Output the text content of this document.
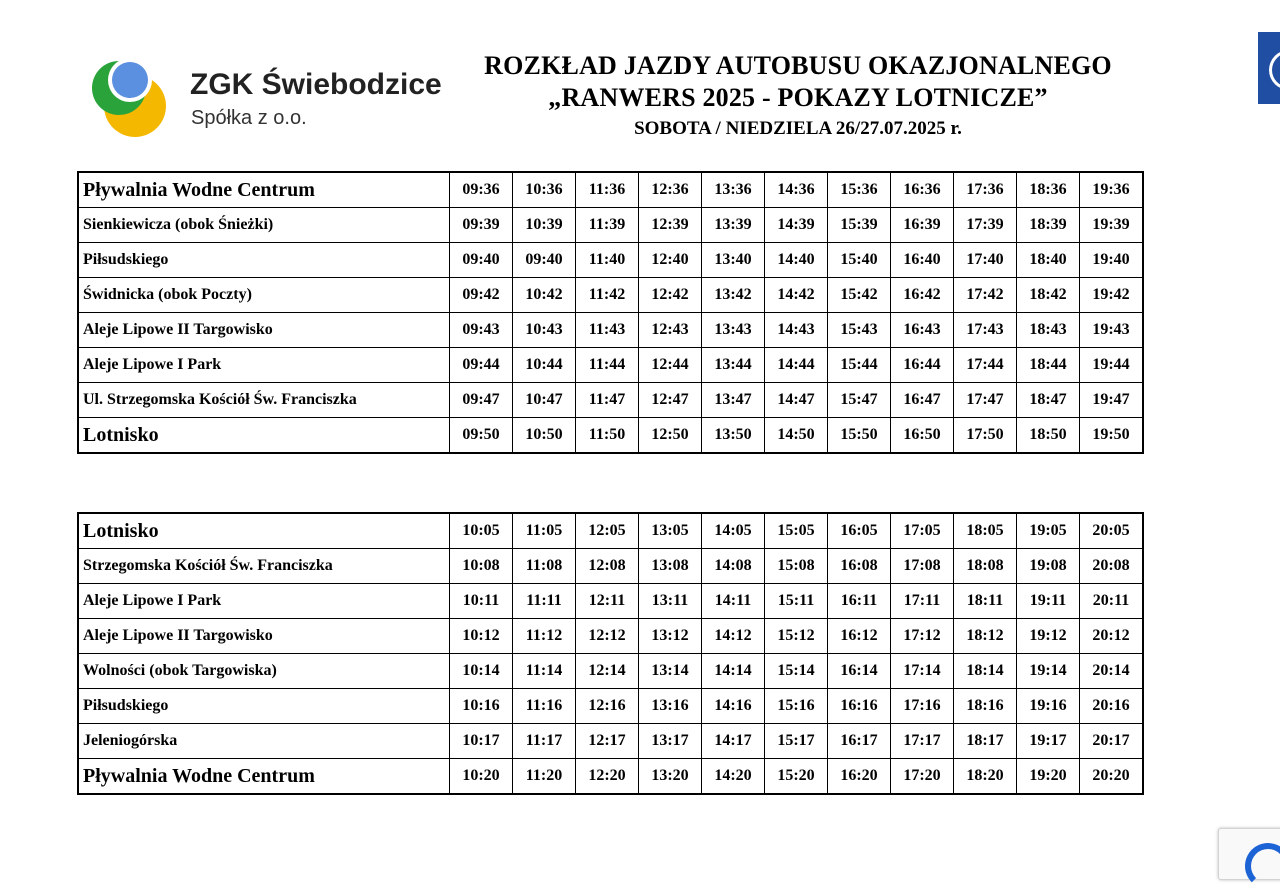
ZGK Świebodzice
Spółka z o.o.
ROZKŁAD JAZDY AUTOBUSU OKAZJONALNEGO
„RANWERS 2025 - POKAZY LOTNICZE”
SOBOTA / NIEDZIELA 26/27.07.2025 r.
Pływalnia Wodne Centrum	09:36	10:36	11:36	12:36	13:36	14:36	15:36	16:36	17:36	18:36	19:36
Sienkiewicza (obok Śnieżki)	09:39	10:39	11:39	12:39	13:39	14:39	15:39	16:39	17:39	18:39	19:39
Piłsudskiego	09:40	09:40	11:40	12:40	13:40	14:40	15:40	16:40	17:40	18:40	19:40
Świdnicka (obok Poczty)	09:42	10:42	11:42	12:42	13:42	14:42	15:42	16:42	17:42	18:42	19:42
Aleje Lipowe II Targowisko	09:43	10:43	11:43	12:43	13:43	14:43	15:43	16:43	17:43	18:43	19:43
Aleje Lipowe I Park	09:44	10:44	11:44	12:44	13:44	14:44	15:44	16:44	17:44	18:44	19:44
Ul. Strzegomska Kościół Św. Franciszka	09:47	10:47	11:47	12:47	13:47	14:47	15:47	16:47	17:47	18:47	19:47
Lotnisko	09:50	10:50	11:50	12:50	13:50	14:50	15:50	16:50	17:50	18:50	19:50
Lotnisko	10:05	11:05	12:05	13:05	14:05	15:05	16:05	17:05	18:05	19:05	20:05
Strzegomska Kościół Św. Franciszka	10:08	11:08	12:08	13:08	14:08	15:08	16:08	17:08	18:08	19:08	20:08
Aleje Lipowe I Park	10:11	11:11	12:11	13:11	14:11	15:11	16:11	17:11	18:11	19:11	20:11
Aleje Lipowe II Targowisko	10:12	11:12	12:12	13:12	14:12	15:12	16:12	17:12	18:12	19:12	20:12
Wolności (obok Targowiska)	10:14	11:14	12:14	13:14	14:14	15:14	16:14	17:14	18:14	19:14	20:14
Piłsudskiego	10:16	11:16	12:16	13:16	14:16	15:16	16:16	17:16	18:16	19:16	20:16
Jeleniogórska	10:17	11:17	12:17	13:17	14:17	15:17	16:17	17:17	18:17	19:17	20:17
Pływalnia Wodne Centrum	10:20	11:20	12:20	13:20	14:20	15:20	16:20	17:20	18:20	19:20	20:20
